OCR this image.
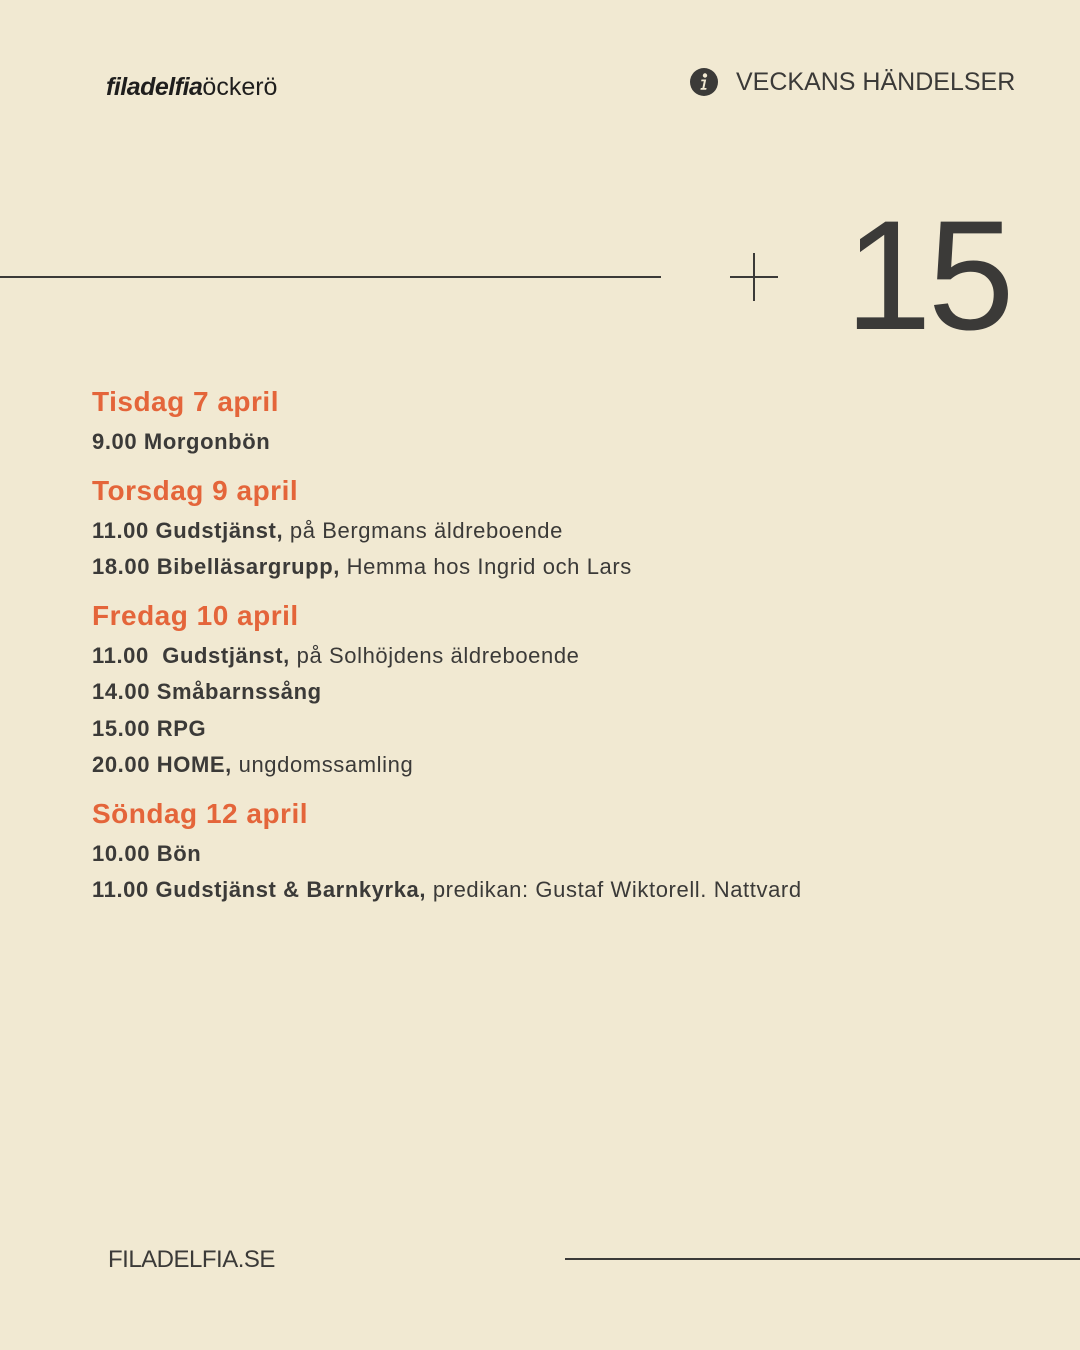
filadelfiaöckerö	VECKANS HÄNDELSER
15
Tisdag 7 april
9.00 Morgonbön
Torsdag 9 april
11.00 Gudstjänst, på Bergmans äldreboende
18.00 Bibelläsargrupp, Hemma hos Ingrid och Lars
Fredag 10 april
11.00  Gudstjänst, på Solhöjdens äldreboende
14.00 Småbarnssång
15.00 RPG
20.00 HOME, ungdomssamling
Söndag 12 april
10.00 Bön
11.00 Gudstjänst & Barnkyrka, predikan: Gustaf Wiktorell. Nattvard
FILADELFIA.SE
